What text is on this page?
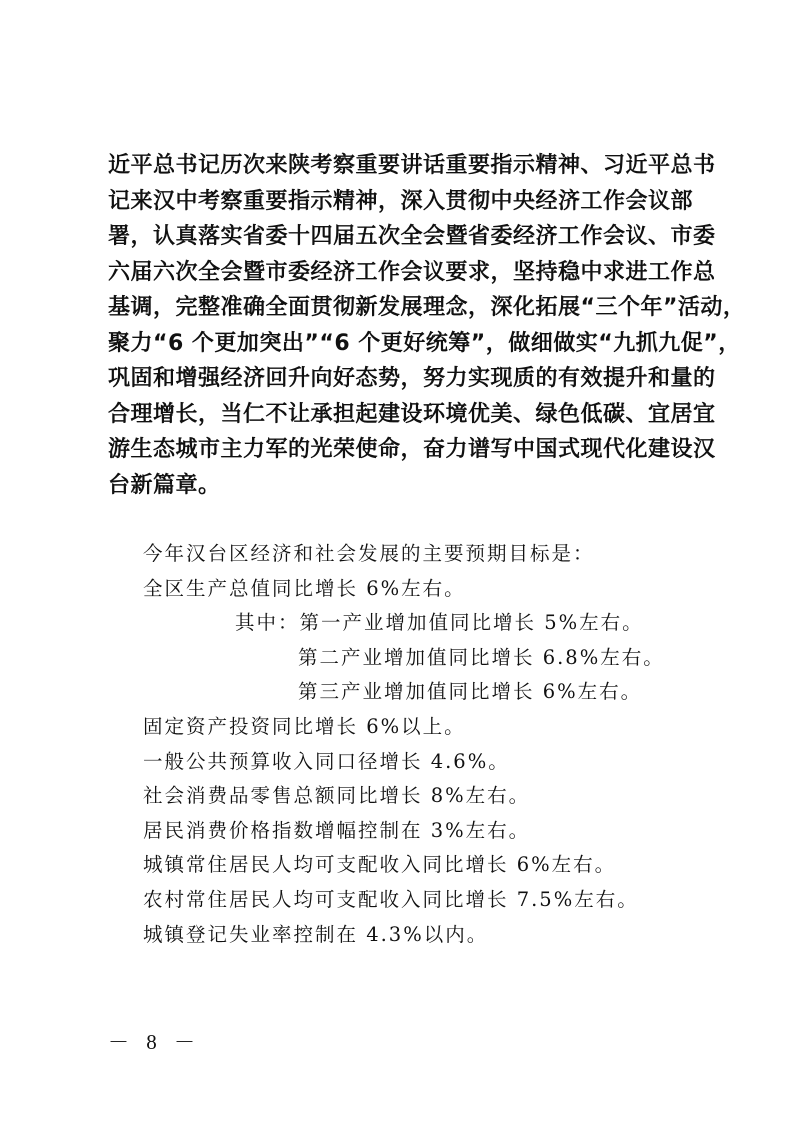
近平总书记历次来陕考察重要讲话重要指示精神、习近平总书
记来汉中考察重要指示精神，深入贯彻中央经济工作会议部
署，认真落实省委十四届五次全会暨省委经济工作会议、市委
六届六次全会暨市委经济工作会议要求，坚持稳中求进工作总
基调，完整准确全面贯彻新发展理念，深化拓展“三个年”活动，
聚力“6 个更加突出”“6 个更好统筹”，做细做实“九抓九促”，
巩固和增强经济回升向好态势，努力实现质的有效提升和量的
合理增长，当仁不让承担起建设环境优美、绿色低碳、宜居宜
游生态城市主力军的光荣使命，奋力谱写中国式现代化建设汉
台新篇章。
今年汉台区经济和社会发展的主要预期目标是：
全区生产总值同比增长 6%左右。
其中：第一产业增加值同比增长 5%左右。
第二产业增加值同比增长 6.8%左右。
第三产业增加值同比增长 6%左右。
固定资产投资同比增长 6%以上。
一般公共预算收入同口径增长 4.6%。
社会消费品零售总额同比增长 8%左右。
居民消费价格指数增幅控制在 3%左右。
城镇常住居民人均可支配收入同比增长 6%左右。
农村常住居民人均可支配收入同比增长 7.5%左右。
城镇登记失业率控制在 4.3%以内。
－ 8 －
